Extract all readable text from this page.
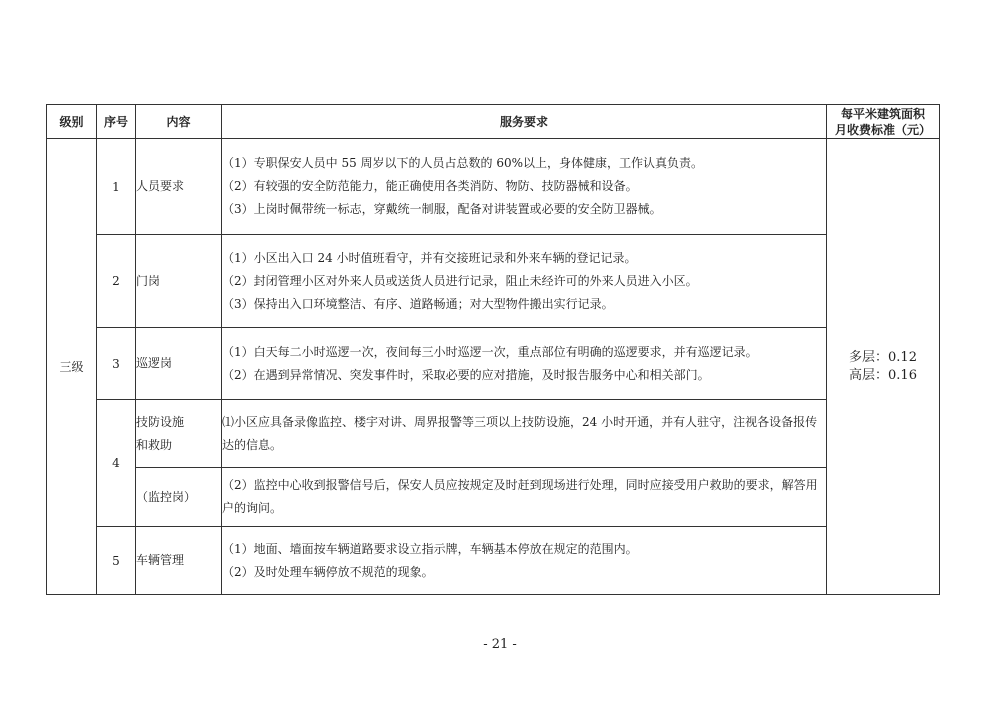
级别	序号	内容	服务要求	每平米建筑面积
月收费标准（元）

三级	1	人员要求	（1）专职保安人员中 55 周岁以下的人员占总数的 60%以上，身体健康，工作认真负责。
（2）有较强的安全防范能力，能正确使用各类消防、物防、技防器械和设备。
（3）上岗时佩带统一标志，穿戴统一制服，配备对讲装置或必要的安全防卫器械。	多层：0.12
高层：0.16

	2	门岗	（1）小区出入口 24 小时值班看守，并有交接班记录和外来车辆的登记记录。
（2）封闭管理小区对外来人员或送货人员进行记录，阻止未经许可的外来人员进入小区。
（3）保持出入口环境整洁、有序、道路畅通；对大型物件搬出实行记录。	

	3	巡逻岗	（1）白天每二小时巡逻一次，夜间每三小时巡逻一次，重点部位有明确的巡逻要求，并有巡逻记录。
（2）在遇到异常情况、突发事件时，采取必要的应对措施，及时报告服务中心和相关部门。	

	4	技防设施
和救助	⑴小区应具备录像监控、楼宇对讲、周界报警等三项以上技防设施，24 小时开通，并有人驻守，注视各设备报传达的信息。	
		（监控岗）	（2）监控中心收到报警信号后，保安人员应按规定及时赶到现场进行处理，同时应接受用户救助的要求，解答用户的询问。	
	5	车辆管理	（1）地面、墙面按车辆道路要求设立指示牌，车辆基本停放在规定的范围内。
（2）及时处理车辆停放不规范的现象。	
- 21 -
